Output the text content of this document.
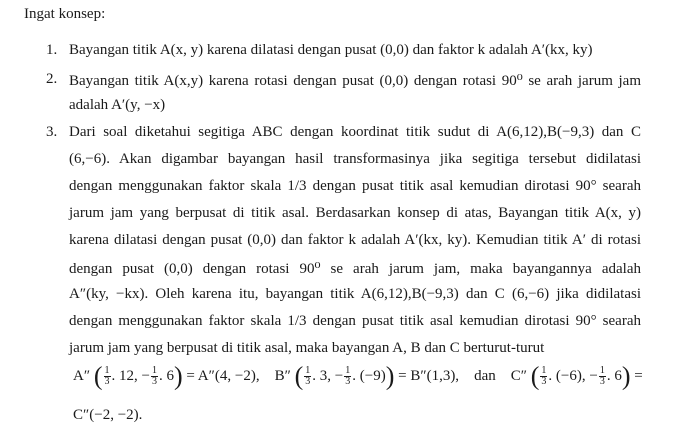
Ingat konsep:
1. Bayangan titik A(x, y) karena dilatasi dengan pusat (0,0) dan faktor k adalah A′(kx, ky)
2. Bayangan titik A(x,y) karena rotasi dengan pusat (0,0) dengan rotasi 90⁰ se arah jarum jam
adalah A′(y, −x)
3. Dari soal diketahui segitiga ABC dengan koordinat titik sudut di A(6,12),B(−9,3) dan C
(6,−6). Akan digambar bayangan hasil transformasinya jika segitiga tersebut didilatasi
dengan menggunakan faktor skala 1/3 dengan pusat titik asal kemudian dirotasi 90° searah
jarum jam yang berpusat di titik asal. Berdasarkan konsep di atas, Bayangan titik A(x, y)
karena dilatasi dengan pusat (0,0) dan faktor k adalah A′(kx, ky). Kemudian titik A′ di rotasi
dengan pusat (0,0) dengan rotasi 90⁰ se arah jarum jam, maka bayangannya adalah
A″(ky, −kx). Oleh karena itu, bayangan titik A(6,12),B(−9,3) dan C (6,−6) jika didilatasi
dengan menggunakan faktor skala 1/3 dengan pusat titik asal kemudian dirotasi 90° searah
jarum jam yang berpusat di titik asal, maka bayangan A, B dan C berturut-turut
A″ ( $\frac{1}{3}$ . 12, − $\frac{1}{3}$ . 6) = A″(4, −2), B″ ( $\frac{1}{3}$ . 3, − $\frac{1}{3}$ . (−9)) = B″(1,3), dan C″ ( $\frac{1}{3}$ . (−6), − $\frac{1}{3}$ . 6) =
C″(−2, −2).
